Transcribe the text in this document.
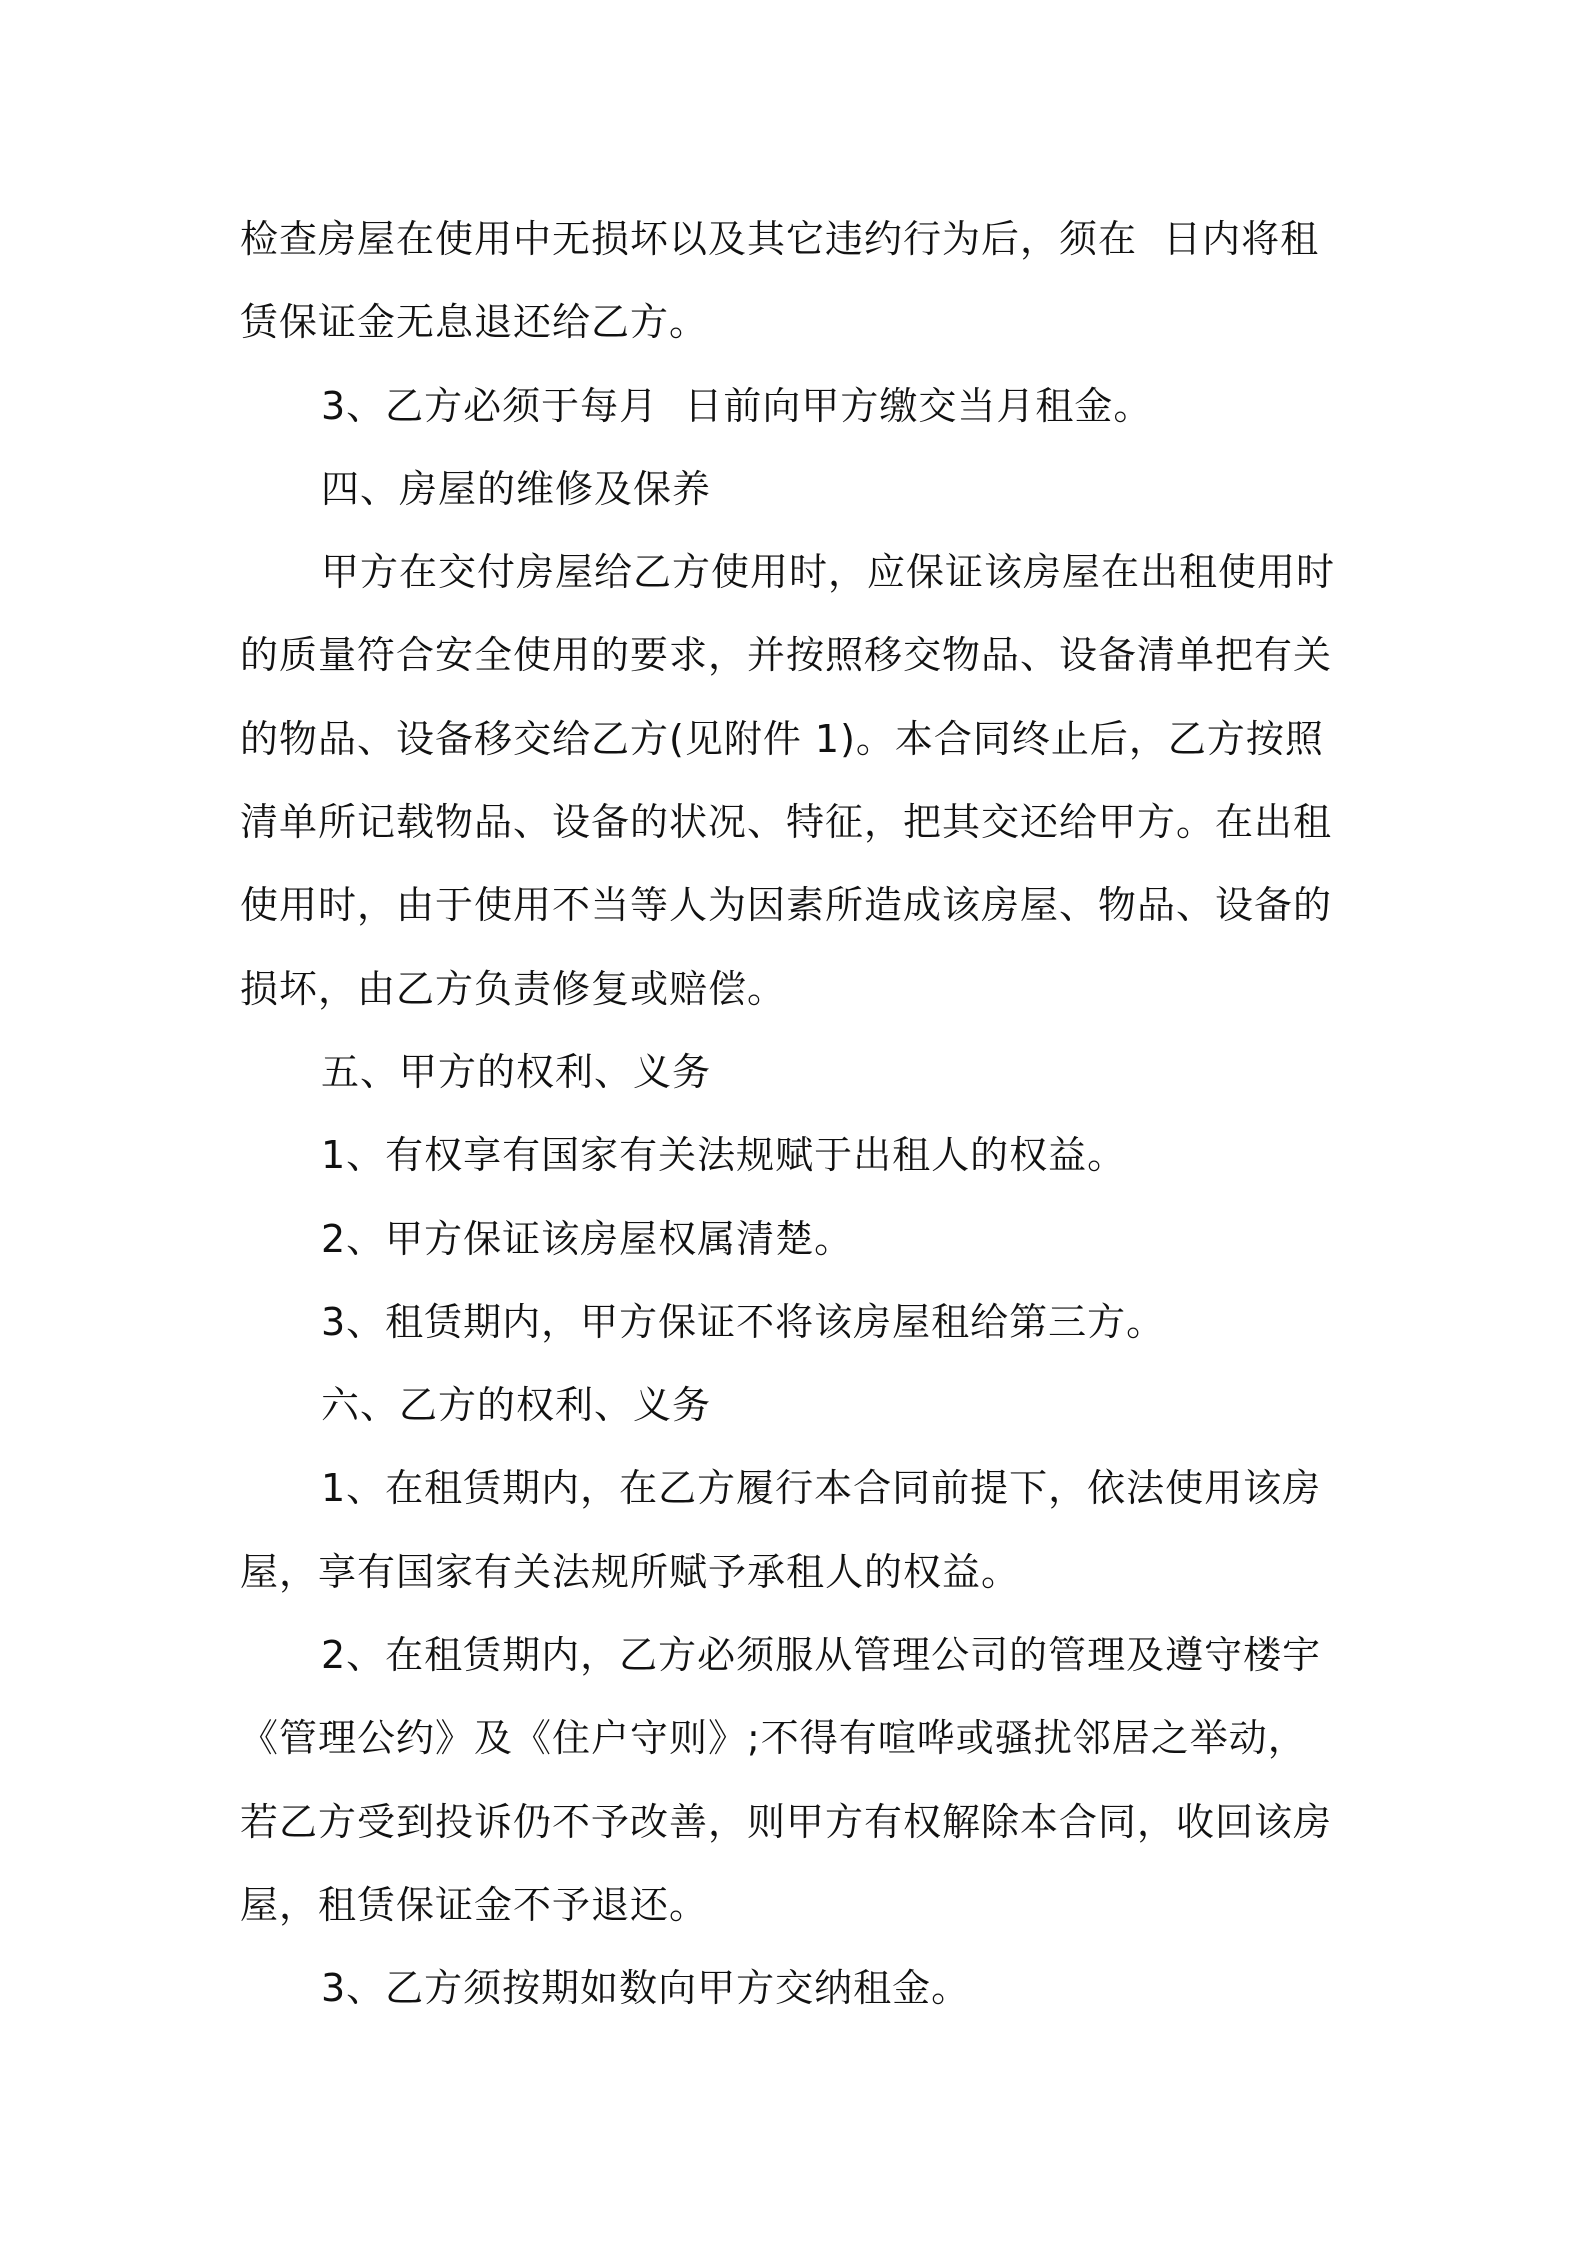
检查房屋在使用中无损坏以及其它违约行为后，须在  日内将租
赁保证金无息退还给乙方。
3、乙方必须于每月  日前向甲方缴交当月租金。
四、房屋的维修及保养
甲方在交付房屋给乙方使用时，应保证该房屋在出租使用时
的质量符合安全使用的要求，并按照移交物品、设备清单把有关
的物品、设备移交给乙方(见附件 1)。本合同终止后，乙方按照
清单所记载物品、设备的状况、特征，把其交还给甲方。在出租
使用时，由于使用不当等人为因素所造成该房屋、物品、设备的
损坏，由乙方负责修复或赔偿。
五、甲方的权利、义务
1、有权享有国家有关法规赋于出租人的权益。
2、甲方保证该房屋权属清楚。
3、租赁期内，甲方保证不将该房屋租给第三方。
六、乙方的权利、义务
1、在租赁期内，在乙方履行本合同前提下，依法使用该房
屋，享有国家有关法规所赋予承租人的权益。
2、在租赁期内，乙方必须服从管理公司的管理及遵守楼宇
《管理公约》及《住户守则》;不得有喧哗或骚扰邻居之举动，
若乙方受到投诉仍不予改善，则甲方有权解除本合同，收回该房
屋，租赁保证金不予退还。
3、乙方须按期如数向甲方交纳租金。
